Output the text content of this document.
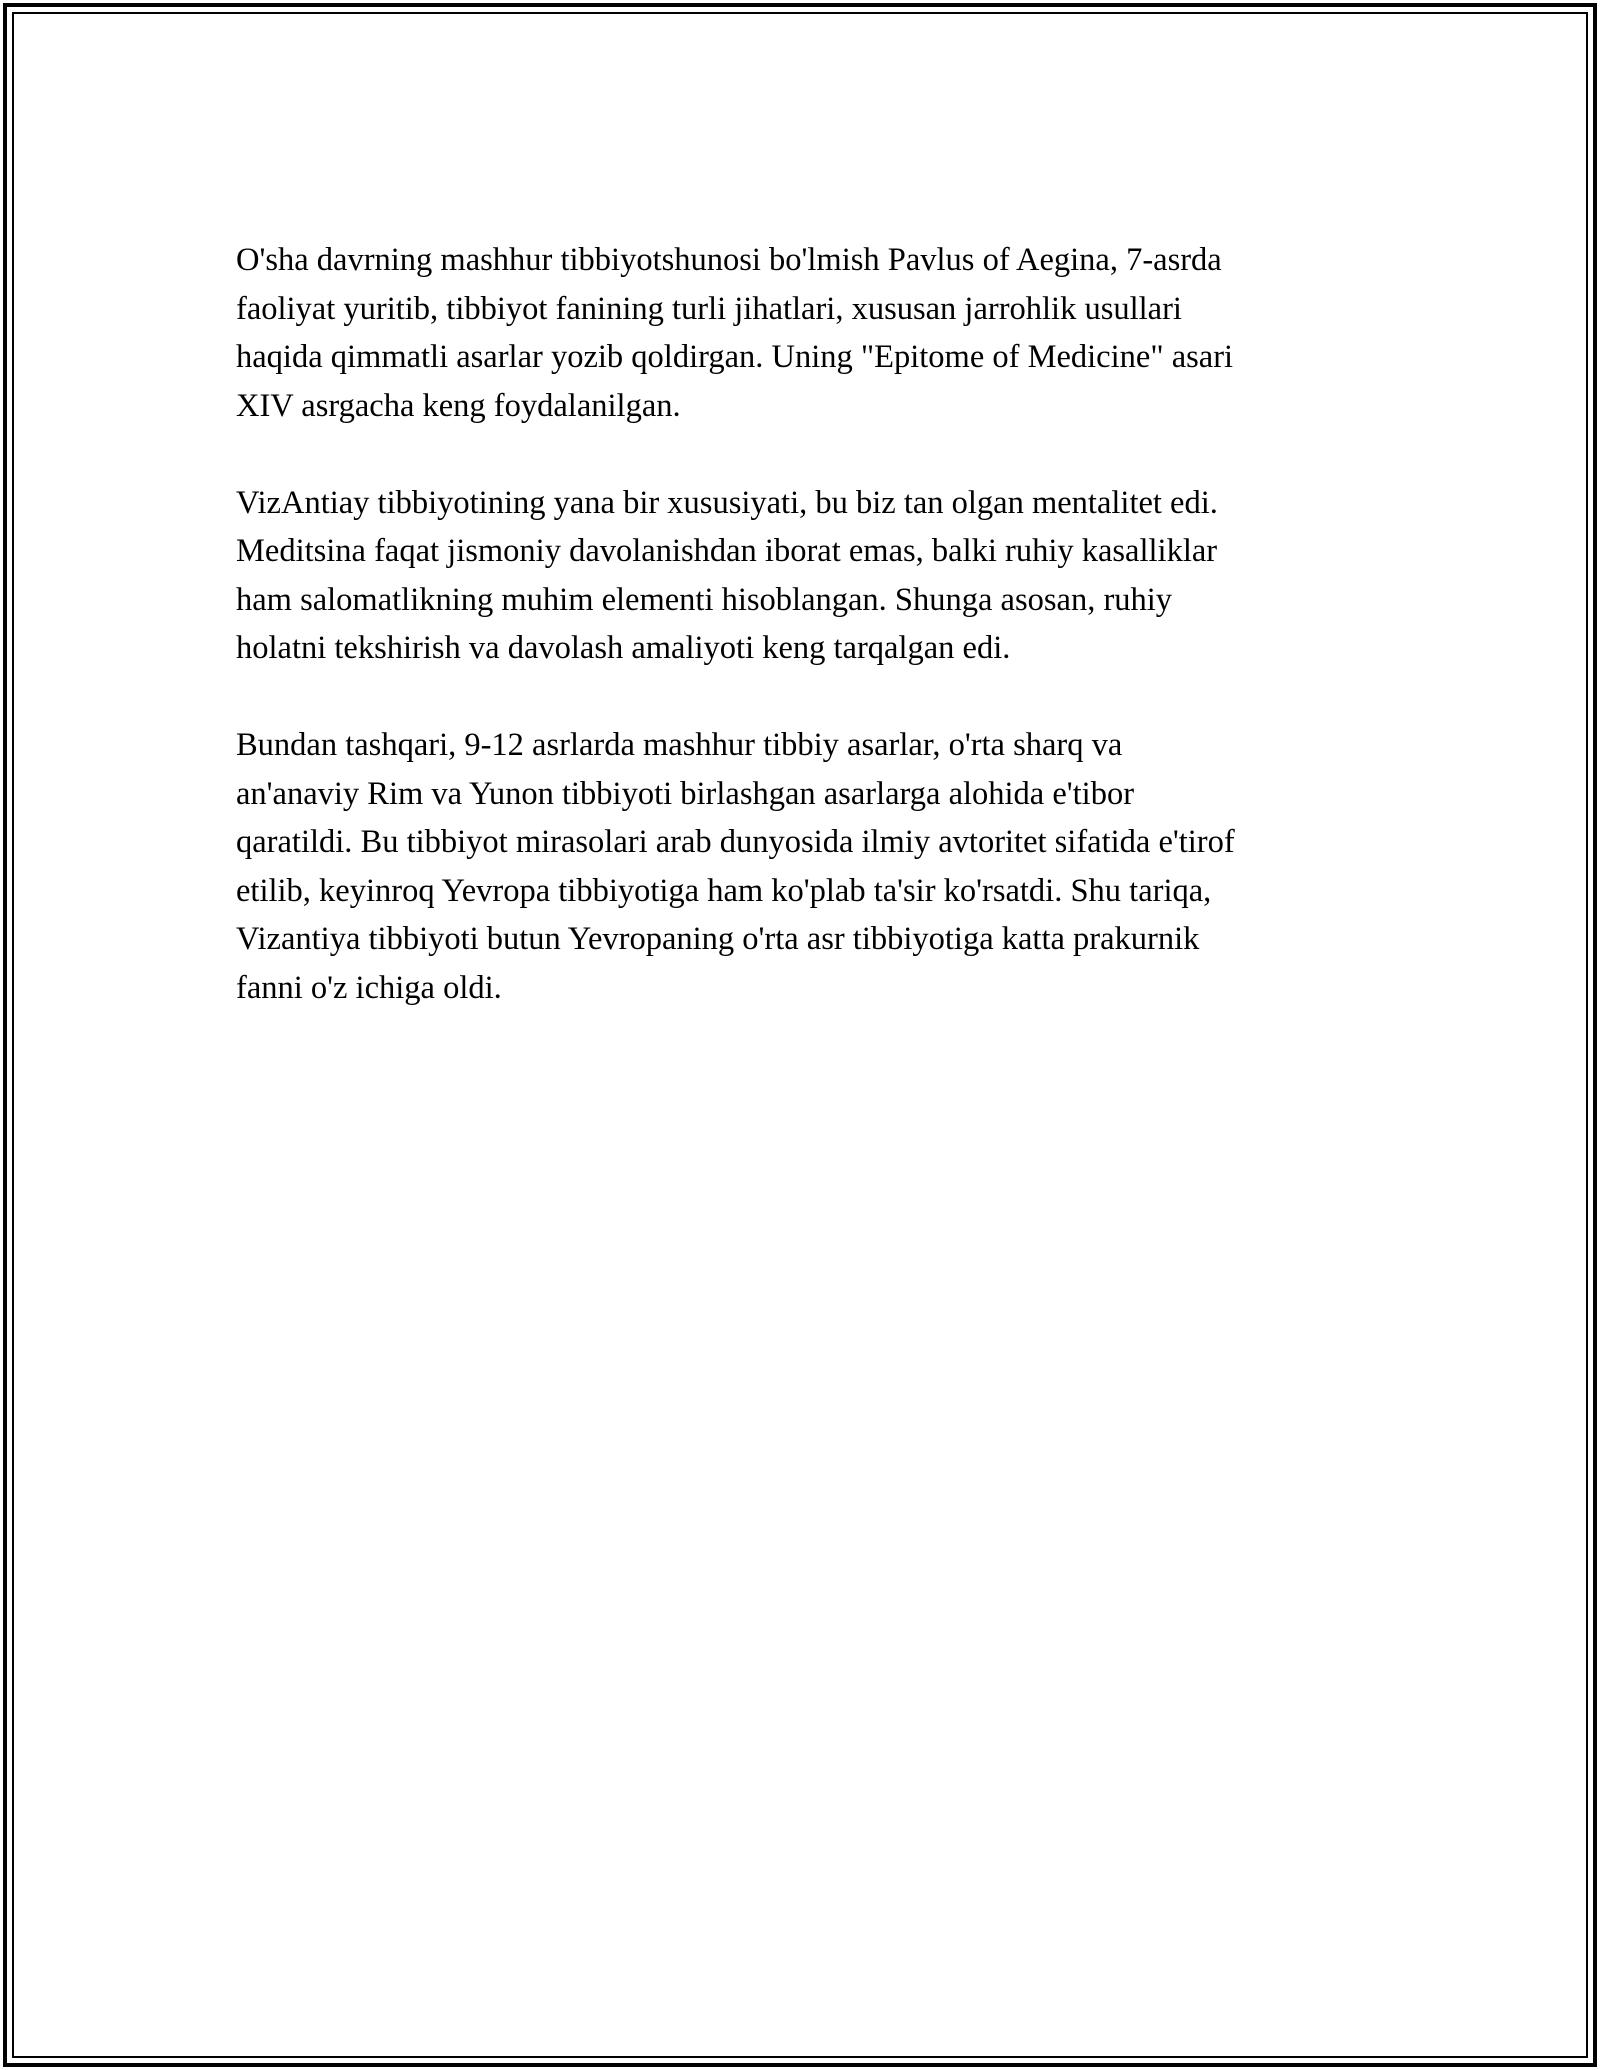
O'sha davrning mashhur tibbiyotshunosi bo'lmish Pavlus of Aegina, 7-asrda
faoliyat yuritib, tibbiyot fanining turli jihatlari, xususan jarrohlik usullari
haqida qimmatli asarlar yozib qoldirgan. Uning "Epitome of Medicine" asari
XIV asrgacha keng foydalanilgan.

VizAntiay tibbiyotining yana bir xususiyati, bu biz tan olgan mentalitet edi.
Meditsina faqat jismoniy davolanishdan iborat emas, balki ruhiy kasalliklar
ham salomatlikning muhim elementi hisoblangan. Shunga asosan, ruhiy
holatni tekshirish va davolash amaliyoti keng tarqalgan edi.

Bundan tashqari, 9-12 asrlarda mashhur tibbiy asarlar, o'rta sharq va
an'anaviy Rim va Yunon tibbiyoti birlashgan asarlarga alohida e'tibor
qaratildi. Bu tibbiyot mirasolari arab dunyosida ilmiy avtoritet sifatida e'tirof
etilib, keyinroq Yevropa tibbiyotiga ham ko'plab ta'sir ko'rsatdi. Shu tariqa,
Vizantiya tibbiyoti butun Yevropaning o'rta asr tibbiyotiga katta prakurnik
fanni o'z ichiga oldi.
